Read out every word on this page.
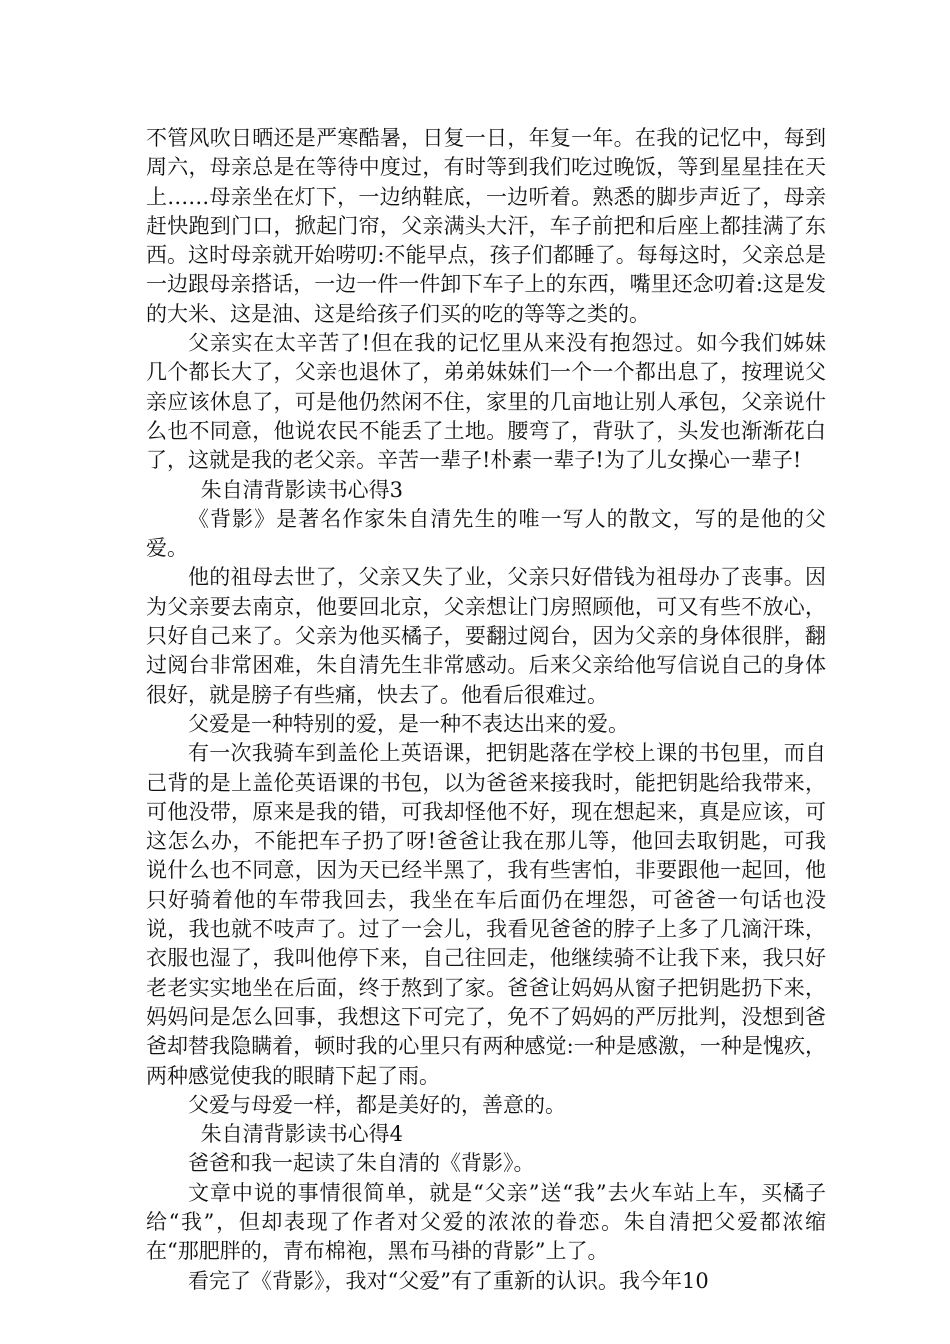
不管风吹日晒还是严寒酷暑，日复一日，年复一年。在我的记忆中，每到周六，母亲总是在等待中度过，有时等到我们吃过晚饭，等到星星挂在天上……母亲坐在灯下，一边纳鞋底，一边听着。熟悉的脚步声近了，母亲赶快跑到门口，掀起门帘，父亲满头大汗，车子前把和后座上都挂满了东西。这时母亲就开始唠叨:不能早点，孩子们都睡了。每每这时，父亲总是一边跟母亲搭话，一边一件一件卸下车子上的东西，嘴里还念叨着:这是发的大米、这是油、这是给孩子们买的吃的等等之类的。

父亲实在太辛苦了!但在我的记忆里从来没有抱怨过。如今我们姊妹几个都长大了，父亲也退休了，弟弟妹妹们一个一个都出息了，按理说父亲应该休息了，可是他仍然闲不住，家里的几亩地让别人承包，父亲说什么也不同意，他说农民不能丢了土地。腰弯了，背驮了，头发也渐渐花白了，这就是我的老父亲。辛苦一辈子!朴素一辈子!为了儿女操心一辈子!

朱自清背影读书心得3

《背影》是著名作家朱自清先生的唯一写人的散文，写的是他的父爱。

他的祖母去世了，父亲又失了业，父亲只好借钱为祖母办了丧事。因为父亲要去南京，他要回北京，父亲想让门房照顾他，可又有些不放心，只好自己来了。父亲为他买橘子，要翻过阅台，因为父亲的身体很胖，翻过阅台非常困难，朱自清先生非常感动。后来父亲给他写信说自己的身体很好，就是膀子有些痛，快去了。他看后很难过。

父爱是一种特别的爱，是一种不表达出来的爱。

有一次我骑车到盖伦上英语课，把钥匙落在学校上课的书包里，而自己背的是上盖伦英语课的书包，以为爸爸来接我时，能把钥匙给我带来，可他没带，原来是我的错，可我却怪他不好，现在想起来，真是应该，可这怎么办，不能把车子扔了呀!爸爸让我在那儿等，他回去取钥匙，可我说什么也不同意，因为天已经半黑了，我有些害怕，非要跟他一起回，他只好骑着他的车带我回去，我坐在车后面仍在埋怨，可爸爸一句话也没说，我也就不吱声了。过了一会儿，我看见爸爸的脖子上多了几滴汗珠，衣服也湿了，我叫他停下来，自己往回走，他继续骑不让我下来，我只好老老实实地坐在后面，终于熬到了家。爸爸让妈妈从窗子把钥匙扔下来，妈妈问是怎么回事，我想这下可完了，免不了妈妈的严厉批判，没想到爸爸却替我隐瞒着，顿时我的心里只有两种感觉:一种是感激，一种是愧疚，两种感觉使我的眼睛下起了雨。

父爱与母爱一样，都是美好的，善意的。

朱自清背影读书心得4

爸爸和我一起读了朱自清的《背影》。

文章中说的事情很简单，就是“父亲”送“我”去火车站上车，买橘子给“我”，但却表现了作者对父爱的浓浓的眷恋。朱自清把父爱都浓缩在“那肥胖的，青布棉袍，黑布马褂的背影”上了。

看完了《背影》，我对“父爱”有了重新的认识。我今年10
